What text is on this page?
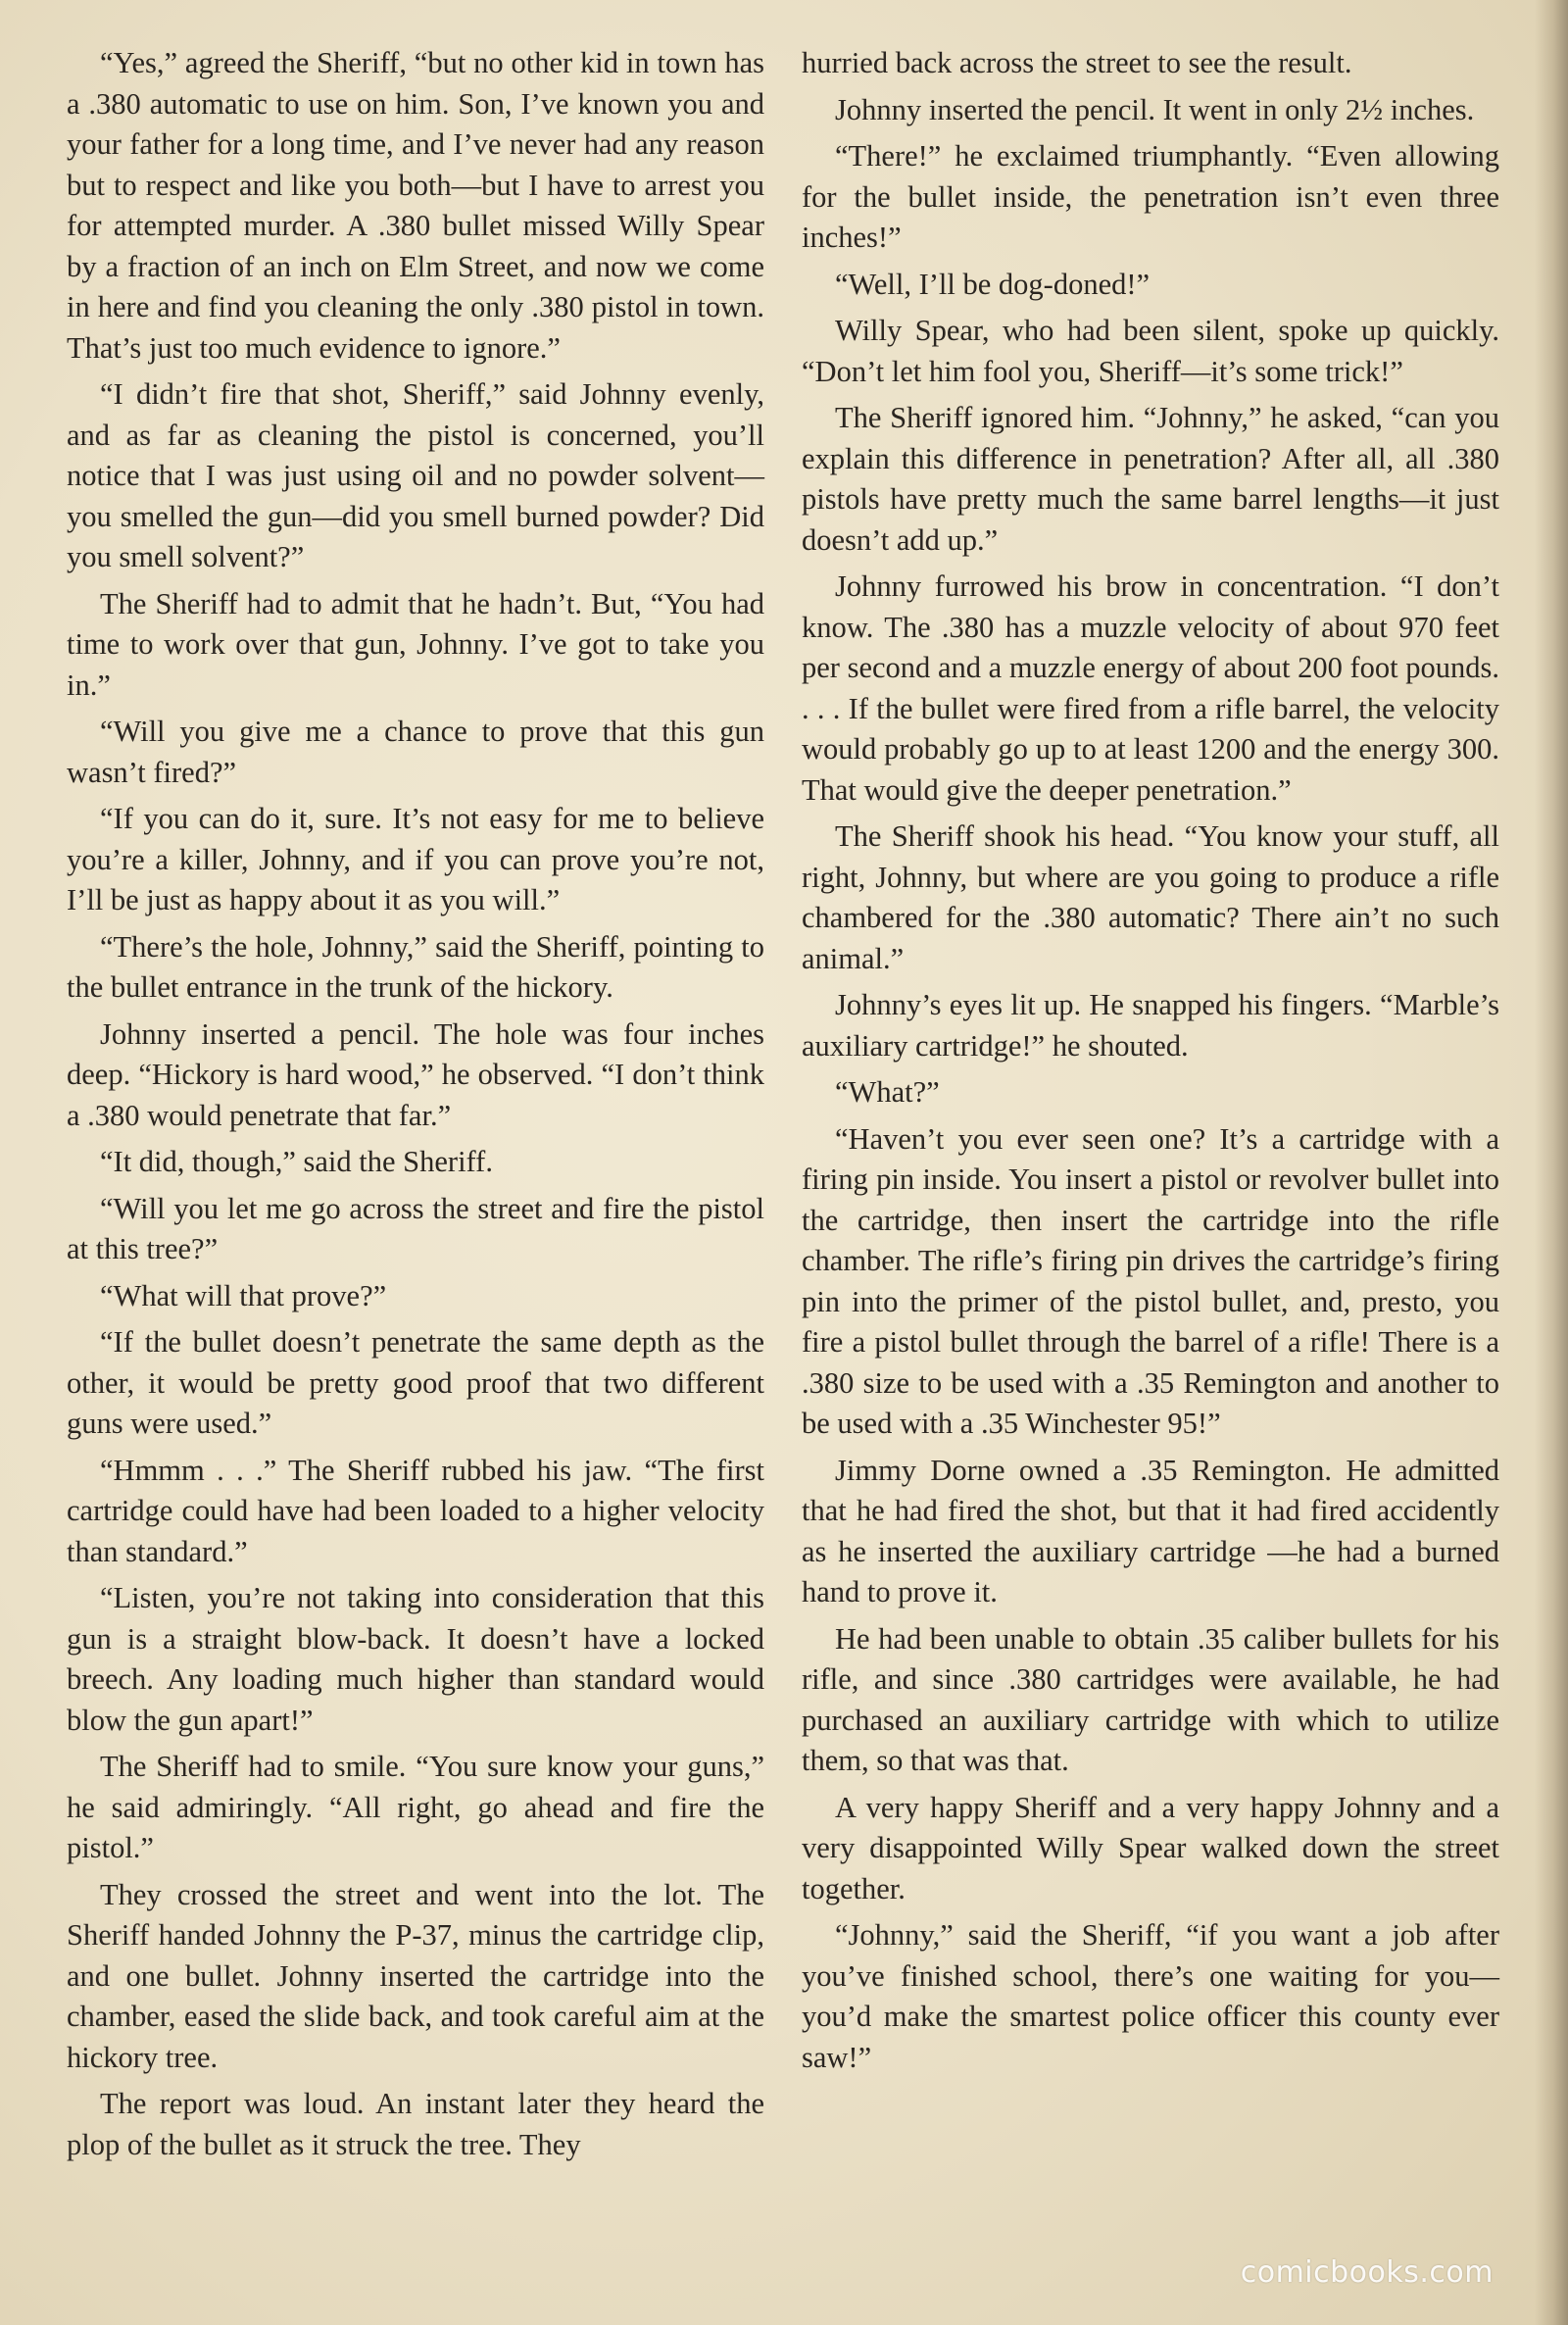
“Yes,” agreed the Sheriff, “but no other kid in town has a .380 automatic to use on him. Son, I’ve known you and your father for a long time, and I’ve never had any reason but to respect and like you both—but I have to arrest you for attempted murder. A .380 bullet missed Willy Spear by a fraction of an inch on Elm Street, and now we come in here and find you cleaning the only .380 pistol in town. That’s just too much evidence to ignore.”

“I didn’t fire that shot, Sheriff,” said Johnny evenly, and as far as cleaning the pistol is concerned, you’ll notice that I was just using oil and no powder solvent—you smelled the gun—did you smell burned powder? Did you smell solvent?”

The Sheriff had to admit that he hadn’t. But, “You had time to work over that gun, Johnny. I’ve got to take you in.”

“Will you give me a chance to prove that this gun wasn’t fired?”

“If you can do it, sure. It’s not easy for me to believe you’re a killer, Johnny, and if you can prove you’re not, I’ll be just as happy about it as you will.”

“There’s the hole, Johnny,” said the Sheriff, pointing to the bullet entrance in the trunk of the hickory.

Johnny inserted a pencil. The hole was four inches deep. “Hickory is hard wood,” he observed. “I don’t think a .380 would penetrate that far.”

“It did, though,” said the Sheriff.

“Will you let me go across the street and fire the pistol at this tree?”

“What will that prove?”

“If the bullet doesn’t penetrate the same depth as the other, it would be pretty good proof that two different guns were used.”

“Hmmm . . .” The Sheriff rubbed his jaw. “The first cartridge could have had been loaded to a higher velocity than standard.”

“Listen, you’re not taking into consideration that this gun is a straight blow-back. It doesn’t have a locked breech. Any loading much higher than standard would blow the gun apart!”

The Sheriff had to smile. “You sure know your guns,” he said admiringly. “All right, go ahead and fire the pistol.”

They crossed the street and went into the lot. The Sheriff handed Johnny the P-37, minus the cartridge clip, and one bullet. Johnny inserted the cartridge into the chamber, eased the slide back, and took careful aim at the hickory tree.

The report was loud. An instant later they heard the plop of the bullet as it struck the tree. They

hurried back across the street to see the result.

Johnny inserted the pencil. It went in only 2½ inches.

“There!” he exclaimed triumphantly. “Even allowing for the bullet inside, the penetration isn’t even three inches!”

“Well, I’ll be dog-doned!”

Willy Spear, who had been silent, spoke up quickly. “Don’t let him fool you, Sheriff—it’s some trick!”

The Sheriff ignored him. “Johnny,” he asked, “can you explain this difference in penetration? After all, all .380 pistols have pretty much the same barrel lengths—it just doesn’t add up.”

Johnny furrowed his brow in concentration. “I don’t know. The .380 has a muzzle velocity of about 970 feet per second and a muzzle energy of about 200 foot pounds. . . . If the bullet were fired from a rifle barrel, the velocity would probably go up to at least 1200 and the energy 300. That would give the deeper penetration.”

The Sheriff shook his head. “You know your stuff, all right, Johnny, but where are you going to produce a rifle chambered for the .380 automatic? There ain’t no such animal.”

Johnny’s eyes lit up. He snapped his fingers. “Marble’s auxiliary cartridge!” he shouted.

“What?”

“Haven’t you ever seen one? It’s a cartridge with a firing pin inside. You insert a pistol or revolver bullet into the cartridge, then insert the cartridge into the rifle chamber. The rifle’s firing pin drives the cartridge’s firing pin into the primer of the pistol bullet, and, presto, you fire a pistol bullet through the barrel of a rifle! There is a .380 size to be used with a .35 Remington and another to be used with a .35 Winchester 95!”

Jimmy Dorne owned a .35 Remington. He admitted that he had fired the shot, but that it had fired accidently as he inserted the auxiliary cartridge —he had a burned hand to prove it.

He had been unable to obtain .35 caliber bullets for his rifle, and since .380 cartridges were available, he had purchased an auxiliary cartridge with which to utilize them, so that was that.

A very happy Sheriff and a very happy Johnny and a very disappointed Willy Spear walked down the street together.

“Johnny,” said the Sheriff, “if you want a job after you’ve finished school, there’s one waiting for you—you’d make the smartest police officer this county ever saw!”

comicbooks.com
